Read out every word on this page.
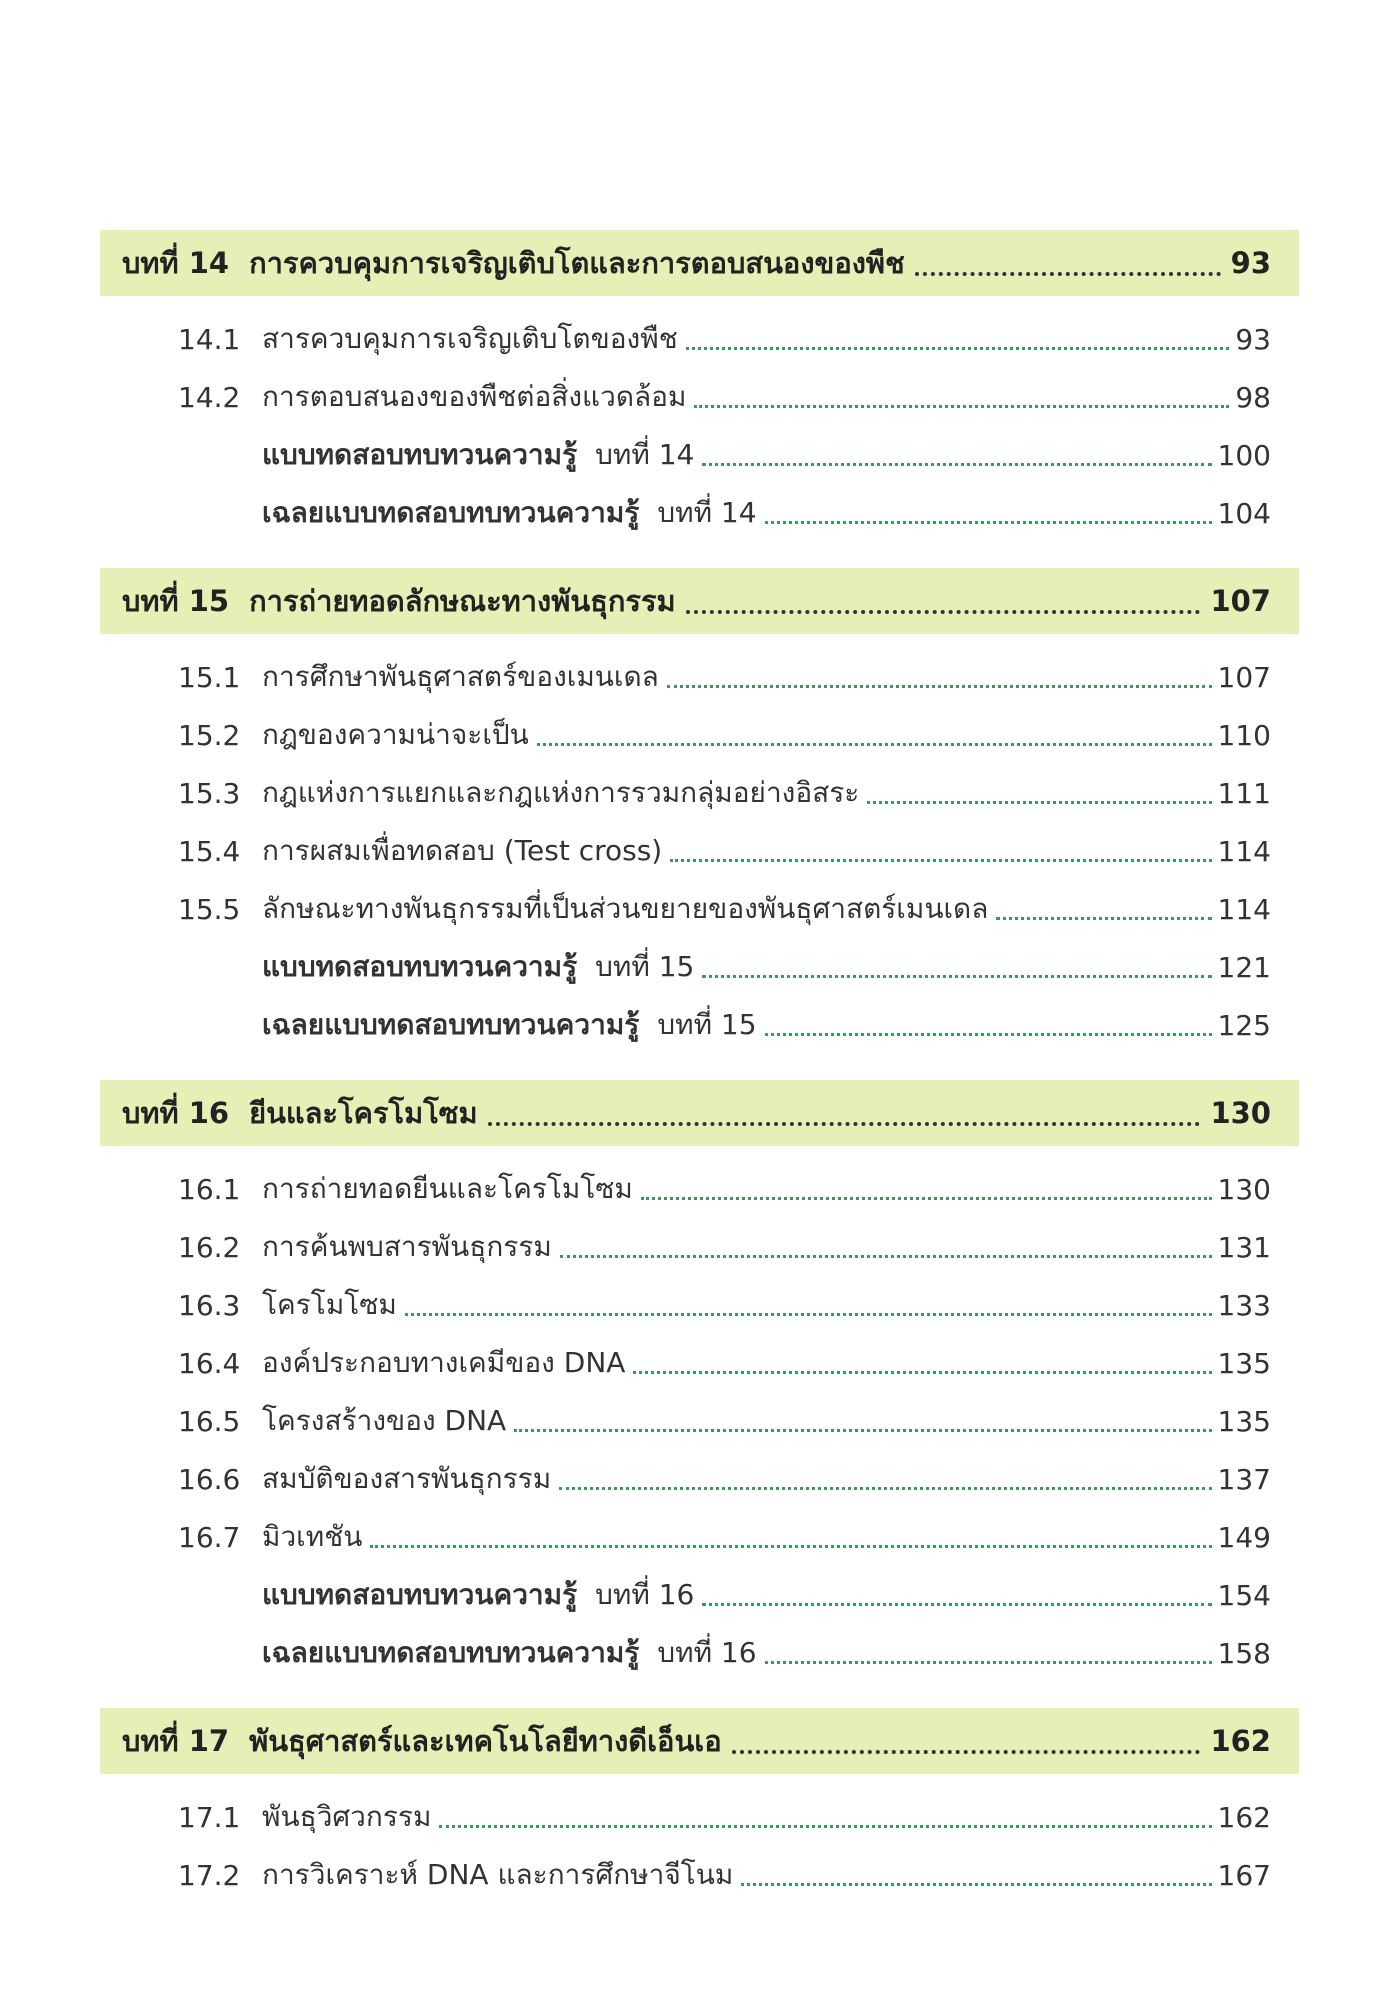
บทที่ 14 การควบคุมการเจริญเติบโตและการตอบสนองของพืช	93
14.1 สารควบคุมการเจริญเติบโตของพืช	93
14.2 การตอบสนองของพืชต่อสิ่งแวดล้อม	98
แบบทดสอบทบทวนความรู้ บทที่ 14	100
เฉลยแบบทดสอบทบทวนความรู้ บทที่ 14	104
บทที่ 15 การถ่ายทอดลักษณะทางพันธุกรรม	107
15.1 การศึกษาพันธุศาสตร์ของเมนเดล	107
15.2 กฎของความน่าจะเป็น	110
15.3 กฎแห่งการแยกและกฎแห่งการรวมกลุ่มอย่างอิสระ	111
15.4 การผสมเพื่อทดสอบ (Test cross)	114
15.5 ลักษณะทางพันธุกรรมที่เป็นส่วนขยายของพันธุศาสตร์เมนเดล	114
แบบทดสอบทบทวนความรู้ บทที่ 15	121
เฉลยแบบทดสอบทบทวนความรู้ บทที่ 15	125
บทที่ 16 ยีนและโครโมโซม	130
16.1 การถ่ายทอดยีนและโครโมโซม	130
16.2 การค้นพบสารพันธุกรรม	131
16.3 โครโมโซม	133
16.4 องค์ประกอบทางเคมีของ DNA	135
16.5 โครงสร้างของ DNA	135
16.6 สมบัติของสารพันธุกรรม	137
16.7 มิวเทชัน	149
แบบทดสอบทบทวนความรู้ บทที่ 16	154
เฉลยแบบทดสอบทบทวนความรู้ บทที่ 16	158
บทที่ 17 พันธุศาสตร์และเทคโนโลยีทางดีเอ็นเอ	162
17.1 พันธุวิศวกรรม	162
17.2 การวิเคราะห์ DNA และการศึกษาจีโนม	167
